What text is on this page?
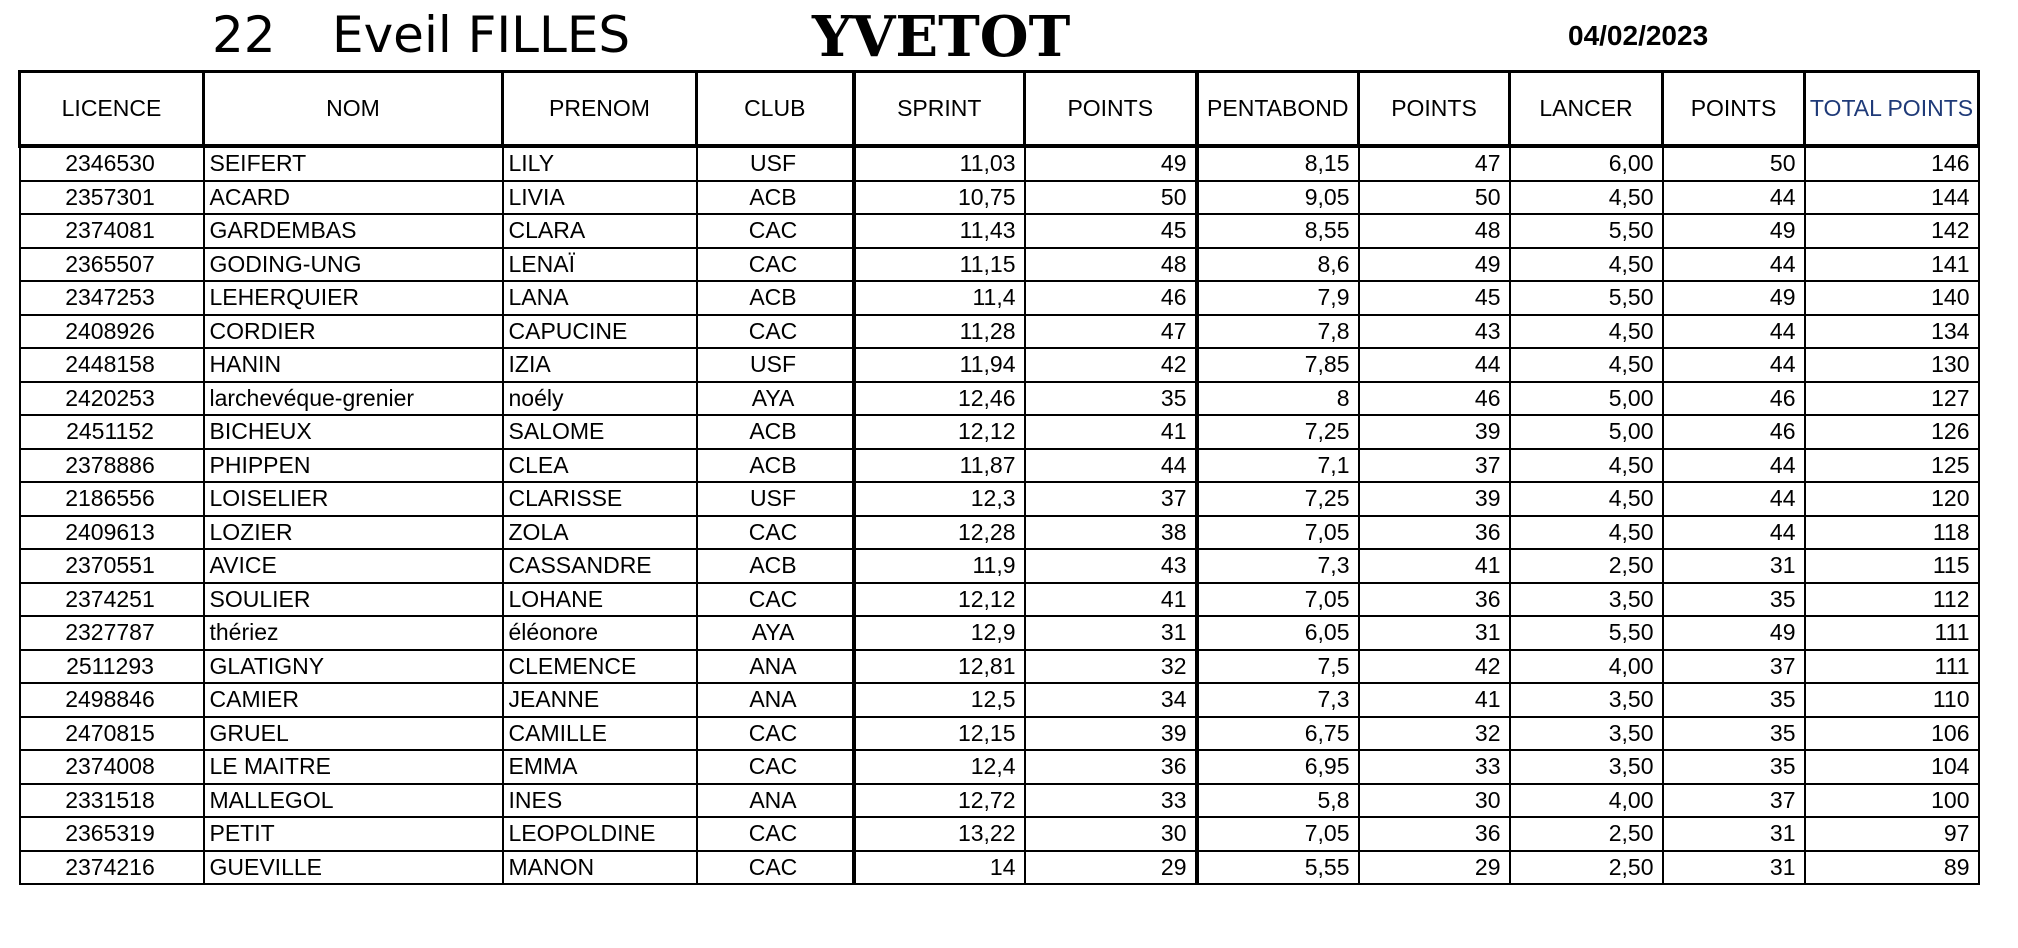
22 Eveil FILLES	YVETOT	04/02/2023
LICENCE	NOM	PRENOM	CLUB	SPRINT	POINTS	PENTABOND	POINTS	LANCER	POINTS	TOTAL POINTS
2346530	SEIFERT	LILY	USF	11,03	49	8,15	47	6,00	50	146
2357301	ACARD	LIVIA	ACB	10,75	50	9,05	50	4,50	44	144
2374081	GARDEMBAS	CLARA	CAC	11,43	45	8,55	48	5,50	49	142
2365507	GODING-UNG	LENAÏ	CAC	11,15	48	8,6	49	4,50	44	141
2347253	LEHERQUIER	LANA	ACB	11,4	46	7,9	45	5,50	49	140
2408926	CORDIER	CAPUCINE	CAC	11,28	47	7,8	43	4,50	44	134
2448158	HANIN	IZIA	USF	11,94	42	7,85	44	4,50	44	130
2420253	larchevéque-grenier	noély	AYA	12,46	35	8	46	5,00	46	127
2451152	BICHEUX	SALOME	ACB	12,12	41	7,25	39	5,00	46	126
2378886	PHIPPEN	CLEA	ACB	11,87	44	7,1	37	4,50	44	125
2186556	LOISELIER	CLARISSE	USF	12,3	37	7,25	39	4,50	44	120
2409613	LOZIER	ZOLA	CAC	12,28	38	7,05	36	4,50	44	118
2370551	AVICE	CASSANDRE	ACB	11,9	43	7,3	41	2,50	31	115
2374251	SOULIER	LOHANE	CAC	12,12	41	7,05	36	3,50	35	112
2327787	thériez	éléonore	AYA	12,9	31	6,05	31	5,50	49	111
2511293	GLATIGNY	CLEMENCE	ANA	12,81	32	7,5	42	4,00	37	111
2498846	CAMIER	JEANNE	ANA	12,5	34	7,3	41	3,50	35	110
2470815	GRUEL	CAMILLE	CAC	12,15	39	6,75	32	3,50	35	106
2374008	LE MAITRE	EMMA	CAC	12,4	36	6,95	33	3,50	35	104
2331518	MALLEGOL	INES	ANA	12,72	33	5,8	30	4,00	37	100
2365319	PETIT	LEOPOLDINE	CAC	13,22	30	7,05	36	2,50	31	97
2374216	GUEVILLE	MANON	CAC	14	29	5,55	29	2,50	31	89
